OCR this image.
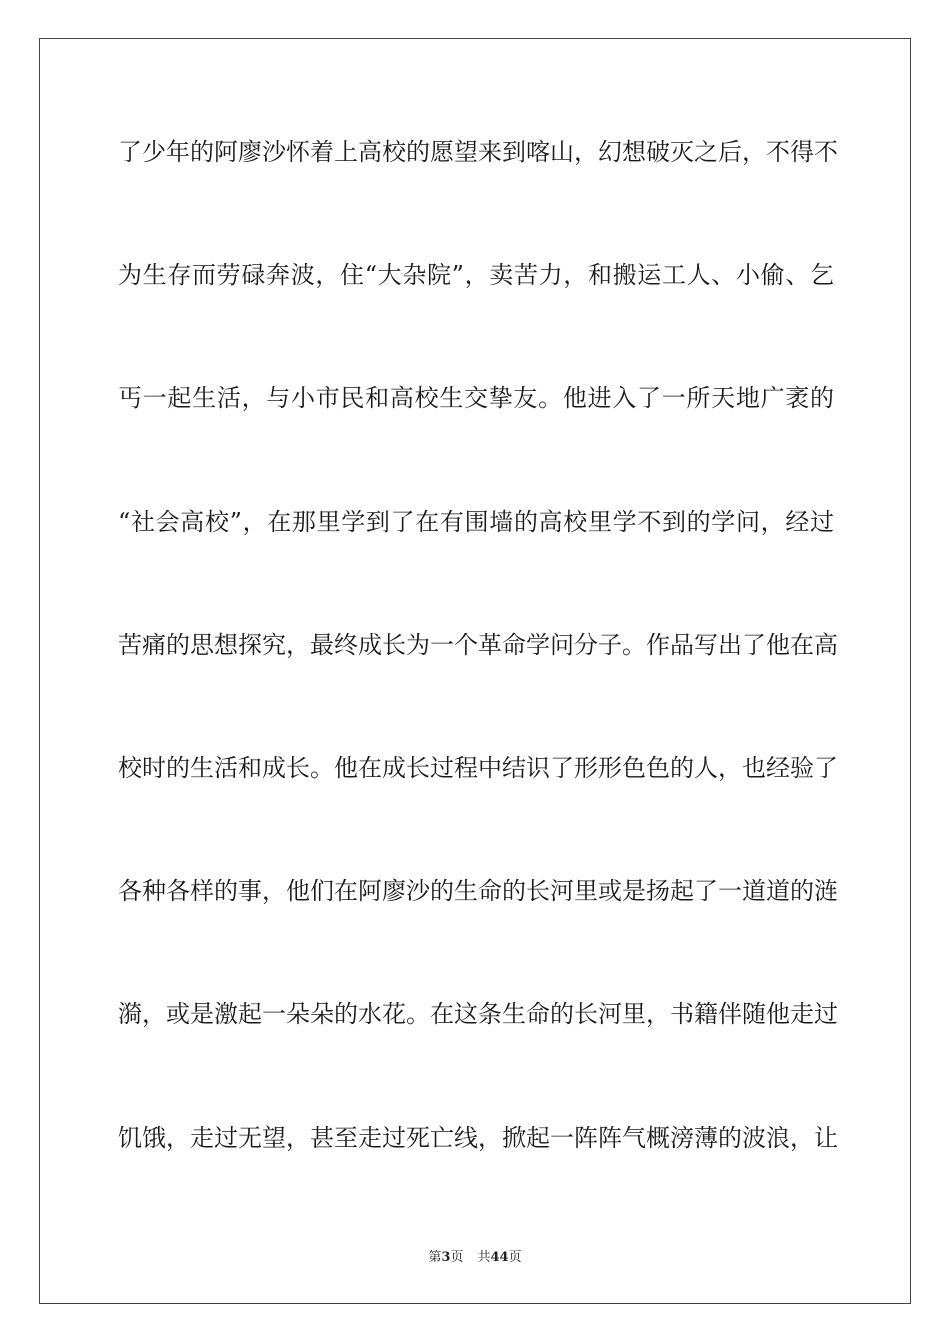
了少年的阿廖沙怀着上高校的愿望来到喀山，幻想破灭之后，不得不
为生存而劳碌奔波，住“大杂院”，卖苦力，和搬运工人、小偷、乞
丐一起生活，与小市民和高校生交挚友。他进入了一所天地广袤的
“社会高校”，在那里学到了在有围墙的高校里学不到的学问，经过
苦痛的思想探究，最终成长为一个革命学问分子。作品写出了他在高
校时的生活和成长。他在成长过程中结识了形形色色的人，也经验了
各种各样的事，他们在阿廖沙的生命的长河里或是扬起了一道道的涟
漪，或是激起一朵朵的水花。在这条生命的长河里，书籍伴随他走过
饥饿，走过无望，甚至走过死亡线，掀起一阵阵气概滂薄的波浪，让
第3页 共44页
